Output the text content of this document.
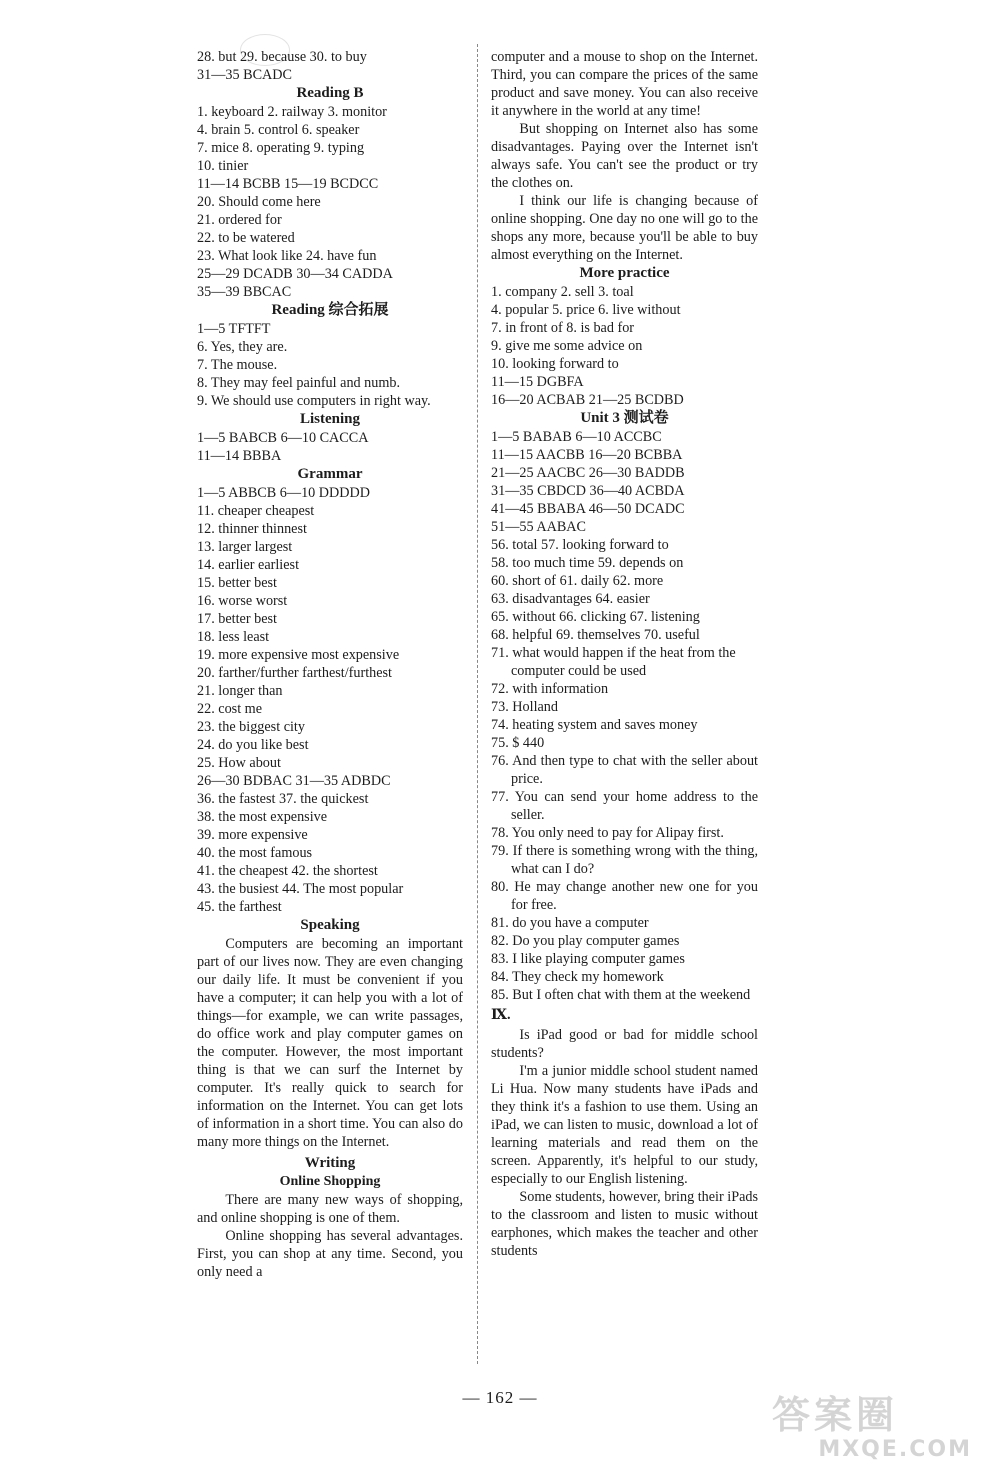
28. but 29. because 30. to buy
31—35 BCADC
Reading B
1. keyboard 2. railway 3. monitor
4. brain 5. control 6. speaker
7. mice 8. operating 9. typing
10. tinier
11—14 BCBB 15—19 BCDCC
20. Should come here
21. ordered for
22. to be watered
23. What look like 24. have fun
25—29 DCADB 30—34 CADDA
35—39 BBCAC
Reading 综合拓展
1—5 TFTFT
6. Yes, they are.
7. The mouse.
8. They may feel painful and numb.
9. We should use computers in right way.
Listening
1—5 BABCB 6—10 CACCA
11—14 BBBA
Grammar
1—5 ABBCB 6—10 DDDDD
11. cheaper cheapest
12. thinner thinnest
13. larger largest
14. earlier earliest
15. better best
16. worse worst
17. better best
18. less least
19. more expensive most expensive
20. farther/further farthest/furthest
21. longer than
22. cost me
23. the biggest city
24. do you like best
25. How about
26—30 BDBAC 31—35 ADBDC
36. the fastest 37. the quickest
38. the most expensive
39. more expensive
40. the most famous
41. the cheapest 42. the shortest
43. the busiest 44. The most popular
45. the farthest
Speaking
Computers are becoming an important part of our lives now. They are even changing our daily life. It must be convenient if you have a computer; it can help you with a lot of things—for example, we can write passages, do office work and play computer games on the computer. However, the most important thing is that we can surf the Internet by computer. It's really quick to search for information on the Internet. You can get lots of information in a short time. You can also do many more things on the Internet.
Writing
Online Shopping
There are many new ways of shopping, and online shopping is one of them.
Online shopping has several advantages. First, you can shop at any time. Second, you only need a
computer and a mouse to shop on the Internet. Third, you can compare the prices of the same product and save money. You can also receive it anywhere in the world at any time!
But shopping on Internet also has some disadvantages. Paying over the Internet isn't always safe. You can't see the product or try the clothes on.
I think our life is changing because of online shopping. One day no one will go to the shops any more, because you'll be able to buy almost everything on the Internet.
More practice
1. company 2. sell 3. toal
4. popular 5. price 6. live without
7. in front of 8. is bad for
9. give me some advice on
10. looking forward to
11—15 DGBFA
16—20 ACBAB 21—25 BCDBD
Unit 3 测试卷
1—5 BABAB 6—10 ACCBC
11—15 AACBB 16—20 BCBBA
21—25 AACBC 26—30 BADDB
31—35 CBDCD 36—40 ACBDA
41—45 BBABA 46—50 DCADC
51—55 AABAC
56. total 57. looking forward to
58. too much time 59. depends on
60. short of 61. daily 62. more
63. disadvantages 64. easier
65. without 66. clicking 67. listening
68. helpful 69. themselves 70. useful
71. what would happen if the heat from the computer could be used
72. with information
73. Holland
74. heating system and saves money
75. $ 440
76. And then type to chat with the seller about price.
77. You can send your home address to the seller.
78. You only need to pay for Alipay first.
79. If there is something wrong with the thing, what can I do?
80. He may change another new one for you for free.
81. do you have a computer
82. Do you play computer games
83. I like playing computer games
84. They check my homework
85. But I often chat with them at the weekend
Ⅸ.
Is iPad good or bad for middle school students?
I'm a junior middle school student named Li Hua. Now many students have iPads and they think it's a fashion to use them. Using an iPad, we can listen to music, download a lot of learning materials and read them on the screen. Apparently, it's helpful to our study, especially to our English listening.
Some students, however, bring their iPads to the classroom and listen to music without earphones, which makes the teacher and other students
— 162 —	答案圈
MXQE.COM
